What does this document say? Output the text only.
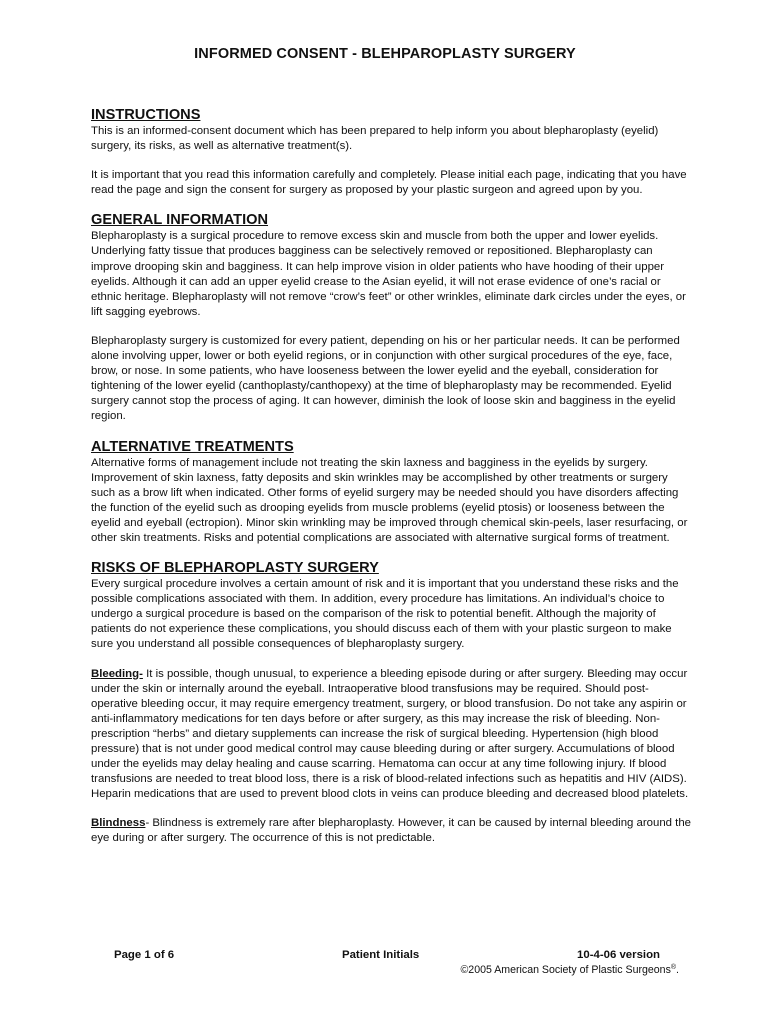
INFORMED CONSENT - BLEHPAROPLASTY SURGERY
INSTRUCTIONS

This is an informed-consent document which has been prepared to help inform you about blepharoplasty (eyelid) surgery, its risks, as well as alternative treatment(s).

It is important that you read this information carefully and completely. Please initial each page, indicating that you have read the page and sign the consent for surgery as proposed by your plastic surgeon and agreed upon by you.

GENERAL INFORMATION

Blepharoplasty is a surgical procedure to remove excess skin and muscle from both the upper and lower eyelids. Underlying fatty tissue that produces bagginess can be selectively removed or repositioned. Blepharoplasty can improve drooping skin and bagginess. It can help improve vision in older patients who have hooding of their upper eyelids. Although it can add an upper eyelid crease to the Asian eyelid, it will not erase evidence of one’s racial or ethnic heritage. Blepharoplasty will not remove “crow’s feet” or other wrinkles, eliminate dark circles under the eyes, or lift sagging eyebrows.

Blepharoplasty surgery is customized for every patient, depending on his or her particular needs. It can be performed alone involving upper, lower or both eyelid regions, or in conjunction with other surgical procedures of the eye, face, brow, or nose. In some patients, who have looseness between the lower eyelid and the eyeball, consideration for tightening of the lower eyelid (canthoplasty/canthopexy) at the time of blepharoplasty may be recommended. Eyelid surgery cannot stop the process of aging. It can however, diminish the look of loose skin and bagginess in the eyelid region.

ALTERNATIVE TREATMENTS

Alternative forms of management include not treating the skin laxness and bagginess in the eyelids by surgery. Improvement of skin laxness, fatty deposits and skin wrinkles may be accomplished by other treatments or surgery such as a brow lift when indicated. Other forms of eyelid surgery may be needed should you have disorders affecting the function of the eyelid such as drooping eyelids from muscle problems (eyelid ptosis) or looseness between the eyelid and eyeball (ectropion). Minor skin wrinkling may be improved through chemical skin-peels, laser resurfacing, or other skin treatments. Risks and potential complications are associated with alternative surgical forms of treatment.

RISKS OF BLEPHAROPLASTY SURGERY

Every surgical procedure involves a certain amount of risk and it is important that you understand these risks and the possible complications associated with them. In addition, every procedure has limitations. An individual’s choice to undergo a surgical procedure is based on the comparison of the risk to potential benefit. Although the majority of patients do not experience these complications, you should discuss each of them with your plastic surgeon to make sure you understand all possible consequences of blepharoplasty surgery.

Bleeding- It is possible, though unusual, to experience a bleeding episode during or after surgery. Bleeding may occur under the skin or internally around the eyeball. Intraoperative blood transfusions may be required. Should post-operative bleeding occur, it may require emergency treatment, surgery, or blood transfusion. Do not take any aspirin or anti-inflammatory medications for ten days before or after surgery, as this may increase the risk of bleeding. Non-prescription “herbs” and dietary supplements can increase the risk of surgical bleeding. Hypertension (high blood pressure) that is not under good medical control may cause bleeding during or after surgery. Accumulations of blood under the eyelids may delay healing and cause scarring. Hematoma can occur at any time following injury. If blood transfusions are needed to treat blood loss, there is a risk of blood-related infections such as hepatitis and HIV (AIDS). Heparin medications that are used to prevent blood clots in veins can produce bleeding and decreased blood platelets.

Blindness- Blindness is extremely rare after blepharoplasty. However, it can be caused by internal bleeding around the eye during or after surgery. The occurrence of this is not predictable.

Page 1 of 6	Patient Initials	10-4-06 version
©2005 American Society of Plastic Surgeons®.
